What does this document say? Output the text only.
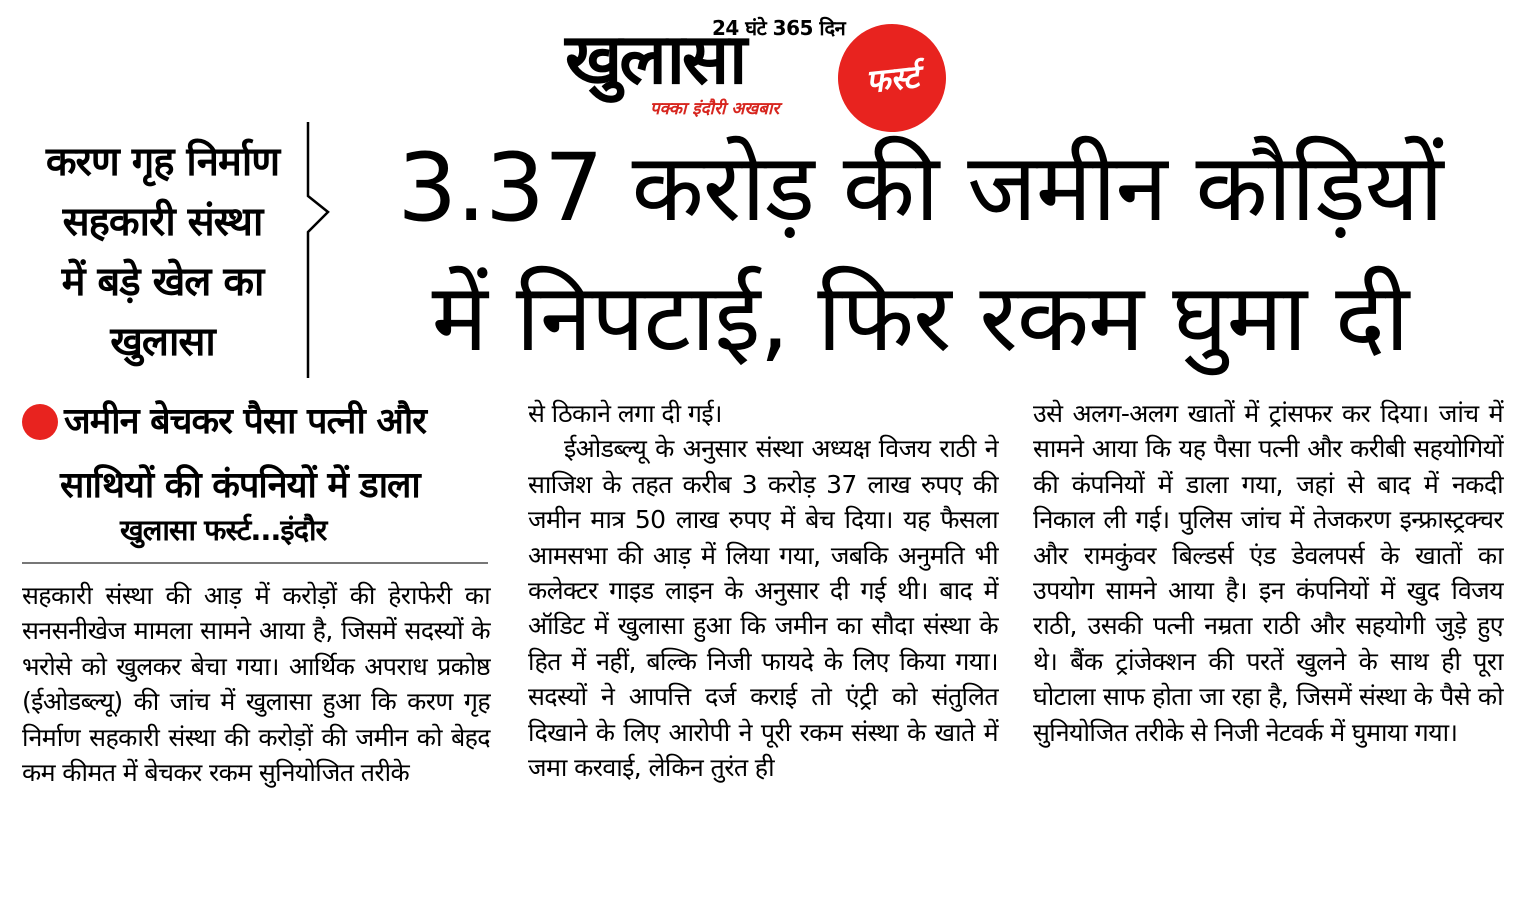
24 घंटे 365 दिन
खुलासा
पक्का इंदौरी अखबार
फर्स्ट
करण गृह निर्माण
सहकारी संस्था
में बड़े खेल का
खुलासा
3.37 करोड़ की जमीन कौड़ियों
में निपटाई, फिर रकम घुमा दी
जमीन बेचकर पैसा पत्नी और
साथियों की कंपनियों में डाला
खुलासा फर्स्ट...इंदौर

सहकारी संस्था की आड़ में करोड़ों की हेराफेरी का सनसनीखेज मामला सामने आया है, जिसमें सदस्यों के भरोसे को खुलकर बेचा गया। आर्थिक अपराध प्रकोष्ठ (ईओडब्ल्यू) की जांच में खुलासा हुआ कि करण गृह निर्माण सहकारी संस्था की करोड़ों की जमीन को बेहद कम कीमत में बेचकर रकम सुनियोजित तरीके

से ठिकाने लगा दी गई।

ईओडब्ल्यू के अनुसार संस्था अध्यक्ष विजय राठी ने साजिश के तहत करीब 3 करोड़ 37 लाख रुपए की जमीन मात्र 50 लाख रुपए में बेच दिया। यह फैसला आमसभा की आड़ में लिया गया, जबकि अनुमति भी कलेक्टर गाइड लाइन के अनुसार दी गई थी। बाद में ऑडिट में खुलासा हुआ कि जमीन का सौदा संस्था के हित में नहीं, बल्कि निजी फायदे के लिए किया गया। सदस्यों ने आपत्ति दर्ज कराई तो एंट्री को संतुलित दिखाने के लिए आरोपी ने पूरी रकम संस्था के खाते में जमा करवाई, लेकिन तुरंत ही

उसे अलग-अलग खातों में ट्रांसफर कर दिया। जांच में सामने आया कि यह पैसा पत्नी और करीबी सहयोगियों की कंपनियों में डाला गया, जहां से बाद में नकदी निकाल ली गई। पुलिस जांच में तेजकरण इन्फ्रास्ट्रक्चर और रामकुंवर बिल्डर्स एंड डेवलपर्स के खातों का उपयोग सामने आया है। इन कंपनियों में खुद विजय राठी, उसकी पत्नी नम्रता राठी और सहयोगी जुड़े हुए थे। बैंक ट्रांजेक्शन की परतें खुलने के साथ ही पूरा घोटाला साफ होता जा रहा है, जिसमें संस्था के पैसे को सुनियोजित तरीके से निजी नेटवर्क में घुमाया गया।
